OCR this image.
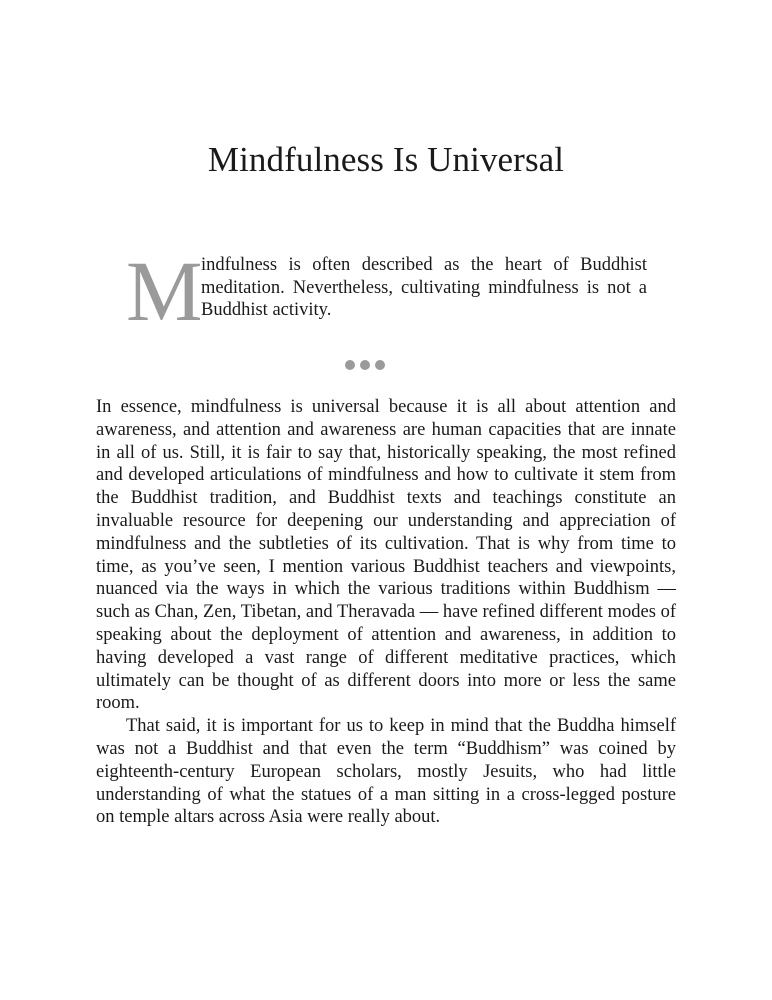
Mindfulness Is Universal
M
indfulness is often described as the heart of Buddhist meditation. Nevertheless, cultivating mindfulness is not a Buddhist activity.

In essence, mindfulness is universal because it is all about attention and awareness, and attention and awareness are human capacities that are innate in all of us. Still, it is fair to say that, historically speaking, the most refined and developed articulations of mindfulness and how to cultivate it stem from the Buddhist tradition, and Buddhist texts and teachings constitute an invaluable resource for deepening our understanding and appreciation of mindfulness and the subtleties of its cultivation. That is why from time to time, as you’ve seen, I mention various Buddhist teachers and viewpoints, nuanced via the ways in which the various traditions within Buddhism — such as Chan, Zen, Tibetan, and Theravada — have refined different modes of speaking about the deployment of attention and awareness, in addition to having developed a vast range of different meditative practices, which ultimately can be thought of as different doors into more or less the same room.

That said, it is important for us to keep in mind that the Buddha himself was not a Buddhist and that even the term “Buddhism” was coined by eighteenth-century European scholars, mostly Jesuits, who had little understanding of what the statues of a man sitting in a cross-legged posture on temple altars across Asia were really about.
